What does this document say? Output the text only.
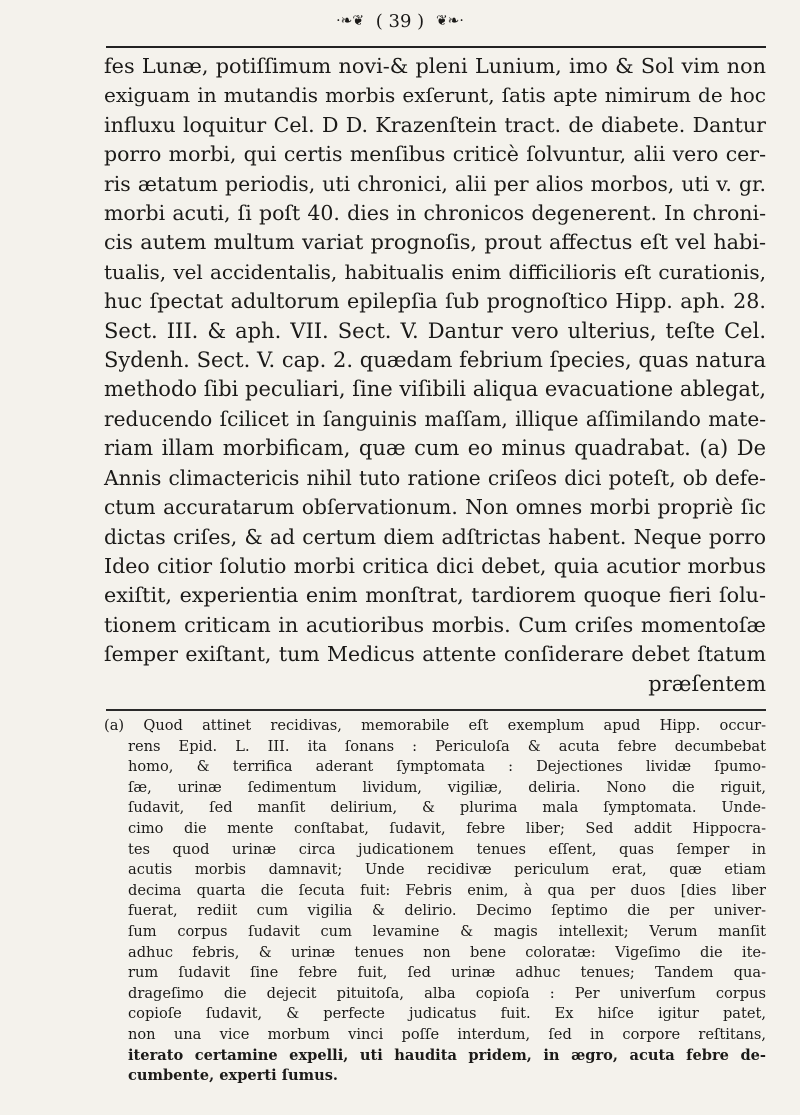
·❧❦ ( 39 ) ❦❧·
fes Lunæ, potiſſimum novi-& pleni Lunium, imo & Sol vim non
exiguam in mutandis morbis exſerunt, ſatis apte nimirum de hoc
influxu loquitur Cel. D D. Krazenſtein tract. de diabete. Dantur
porro morbi, qui certis menſibus criticè ſolvuntur, alii vero cer-
ris ætatum periodis, uti chronici, alii per alios morbos, uti v. gr.
morbi acuti, ſi poſt 40. dies in chronicos degenerent. In chroni-
cis autem multum variat prognoſis, prout affectus eſt vel habi-
tualis, vel accidentalis, habitualis enim difficilioris eſt curationis,
huc ſpectat adultorum epilepſia ſub prognoſtico Hipp. aph. 28.
Sect. III. & aph. VII. Sect. V. Dantur vero ulterius, teſte Cel.
Sydenh. Sect. V. cap. 2. quædam febrium ſpecies, quas natura
methodo ſibi peculiari, ſine viſibili aliqua evacuatione ablegat,
reducendo ſcilicet in ſanguinis maſſam, illique aſſimilando mate-
riam illam morbificam, quæ cum eo minus quadrabat. (a) De
Annis climactericis nihil tuto ratione criſeos dici poteſt, ob defe-
ctum accuratarum obſervationum. Non omnes morbi propriè ſic
dictas criſes, & ad certum diem adſtrictas habent. Neque porro
Ideo citior ſolutio morbi critica dici debet, quia acutior morbus
exiſtit, experientia enim monſtrat, tardiorem quoque fieri ſolu-
tionem criticam in acutioribus morbis. Cum criſes momentoſæ
ſemper exiſtant, tum Medicus attente conſiderare debet ſtatum
præſentem
(a) Quod attinet recidivas, memorabile eſt exemplum apud Hipp. occur-
rens Epid. L. III. ita ſonans : Periculoſa & acuta febre decumbebat
homo, & terrifica aderant ſymptomata : Dejectiones lividæ ſpumo-
ſæ, urinæ ſedimentum lividum, vigiliæ, deliria. Nono die riguit,
ſudavit, ſed manſit delirium, & plurima mala ſymptomata. Unde-
cimo die mente conſtabat, ſudavit, febre liber; Sed addit Hippocra-
tes quod urinæ circa judicationem tenues eſſent, quas ſemper in
acutis morbis damnavit; Unde recidivæ periculum erat, quæ etiam
decima quarta die ſecuta fuit: Febris enim, à qua per duos [dies liber
fuerat, rediit cum vigilia & delirio. Decimo ſeptimo die per univer-
ſum corpus ſudavit cum levamine & magis intellexit; Verum manſit
adhuc febris, & urinæ tenues non bene coloratæ: Vigeſimo die ite-
rum ſudavit ſine febre fuit, ſed urinæ adhuc tenues; Tandem qua-
drageſimo die dejecit pituitoſa, alba copioſa : Per univerſum corpus
copioſe ſudavit, & perfecte judicatus fuit. Ex hiſce igitur patet,
non una vice morbum vinci poſſe interdum, ſed in corpore reſtitans,
iterato certamine expelli, uti haudita pridem, in ægro, acuta febre de-
cumbente, experti ſumus.
